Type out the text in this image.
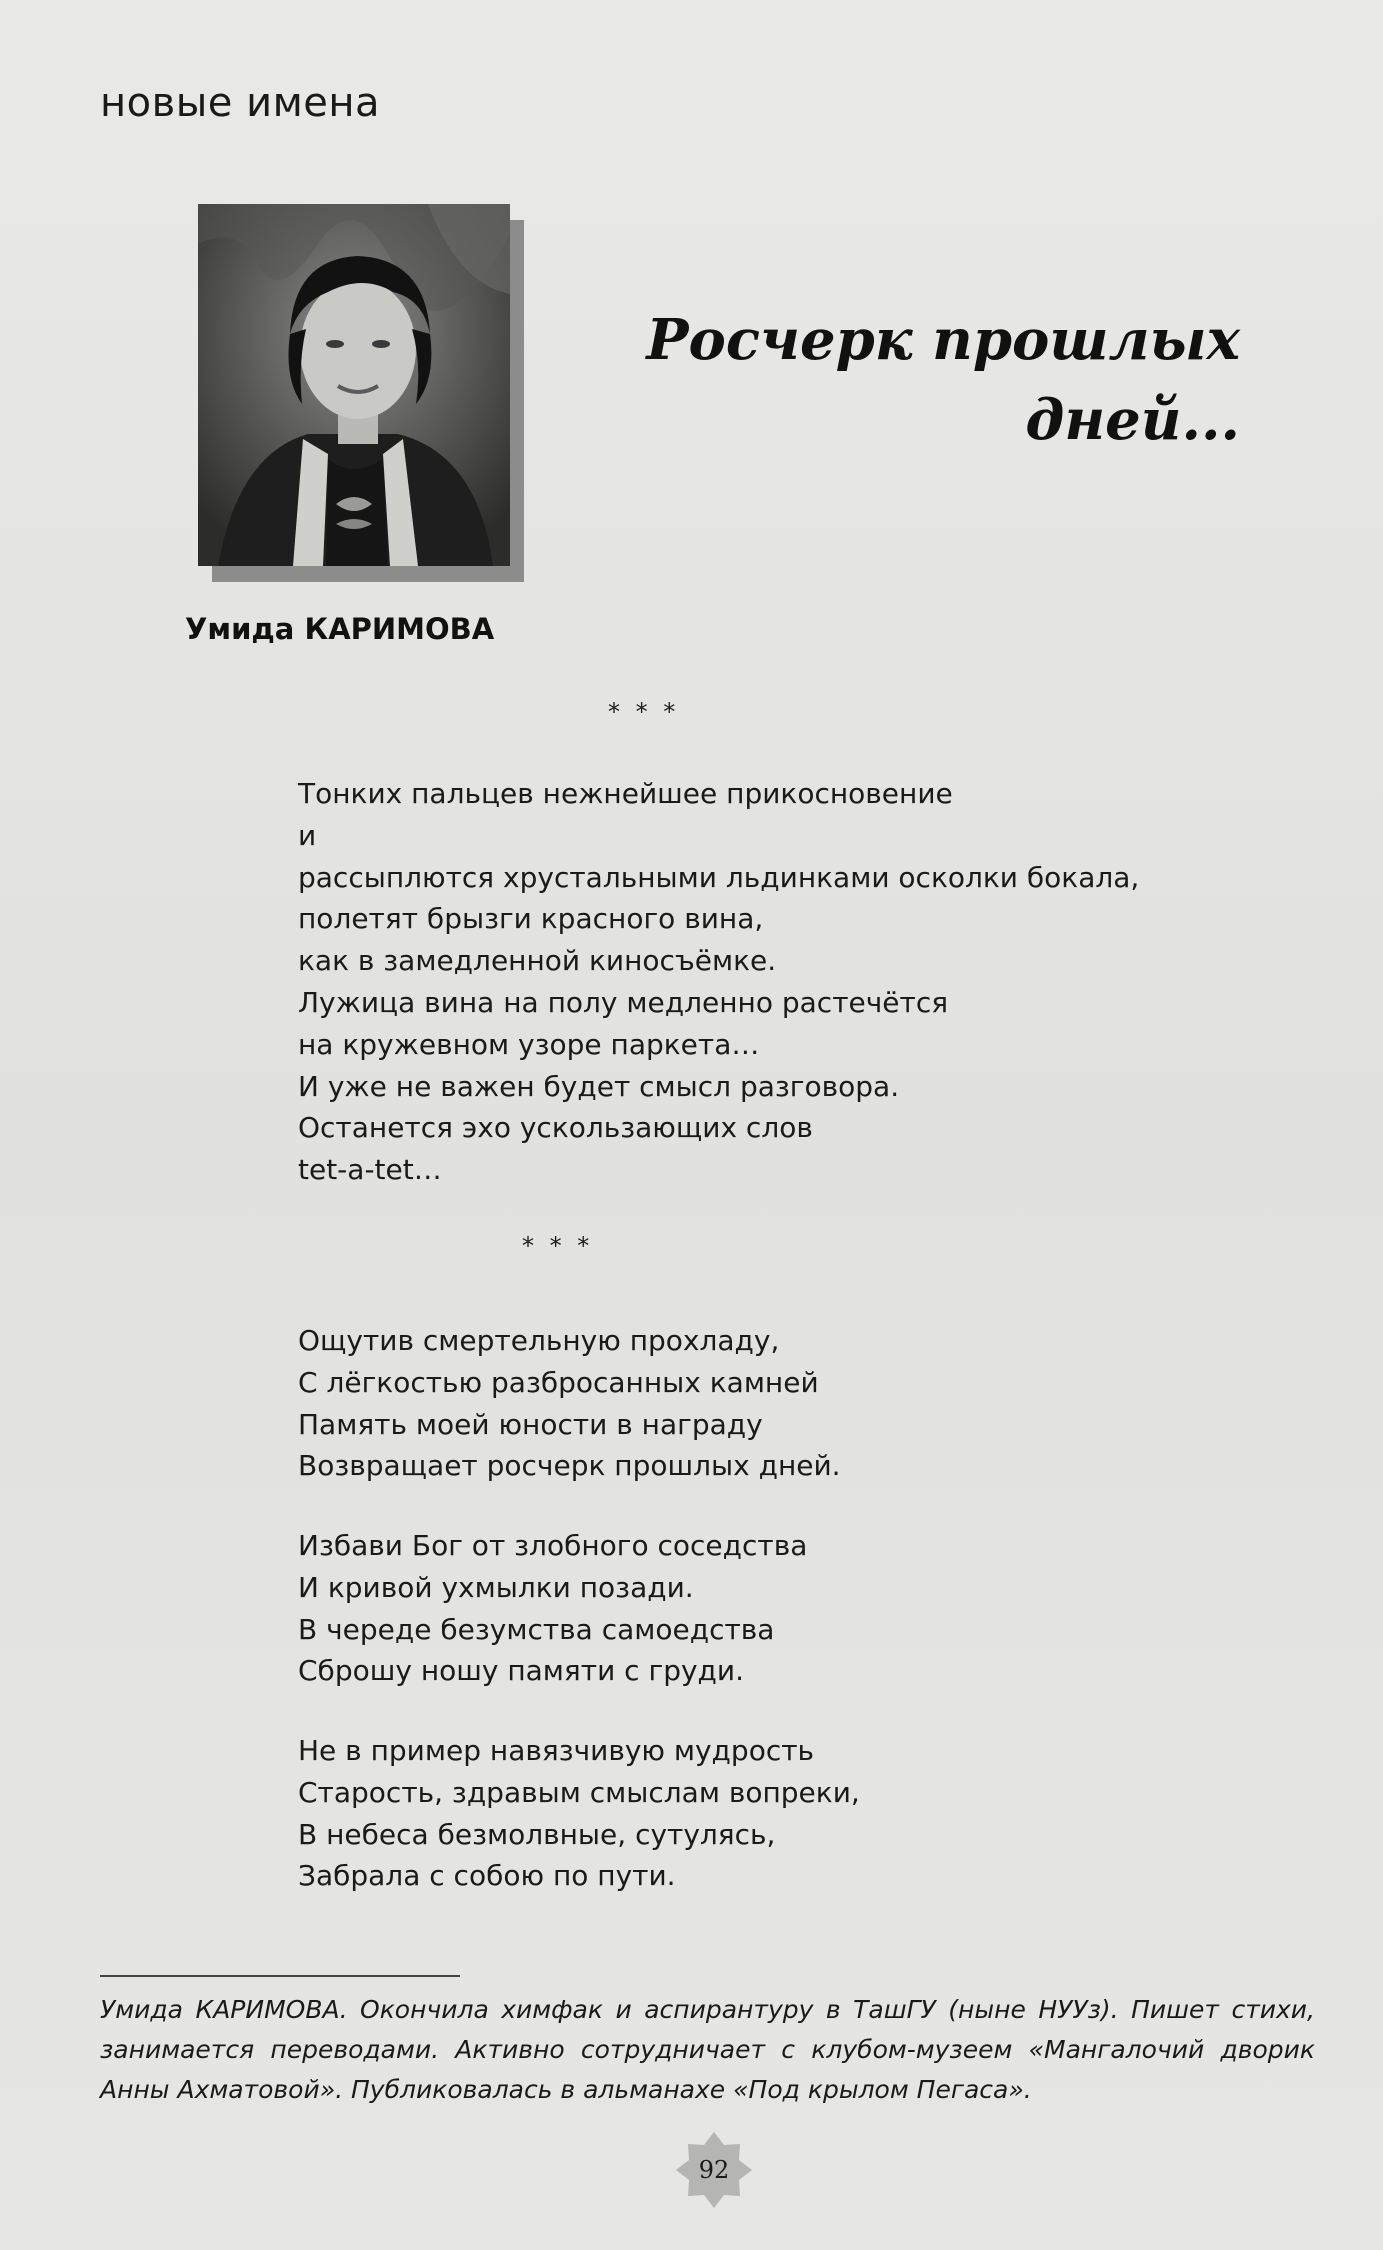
новые имена
Росчерк прошлых
дней...
Умида КАРИМОВА
* * *
Тонких пальцев нежнейшее прикосновение
и
рассыплются хрустальными льдинками осколки бокала,
полетят брызги красного вина,
как в замедленной киносъёмке.
Лужица вина на полу медленно растечётся
на кружевном узоре паркета…
И уже не важен будет смысл разговора.
Останется эхо ускользающих слов
tet-a-tet…
* * *
Ощутив смертельную прохладу,
С лёгкостью разбросанных камней
Память моей юности в награду
Возвращает росчерк прошлых дней.
Избави Бог от злобного соседства
И кривой ухмылки позади.
В череде безумства самоедства
Сброшу ношу памяти с груди.
Не в пример навязчивую мудрость
Старость, здравым смыслам вопреки,
В небеса безмолвные, сутулясь,
Забрала с собою по пути.
Умида КАРИМОВА. Окончила химфак и аспирантуру в ТашГУ (ныне НУУз). Пишет стихи, занимается переводами. Активно сотрудничает с клубом-музеем «Мангалочий дворик Анны Ахматовой». Публиковалась в альманахе «Под крылом Пегаса».
92
